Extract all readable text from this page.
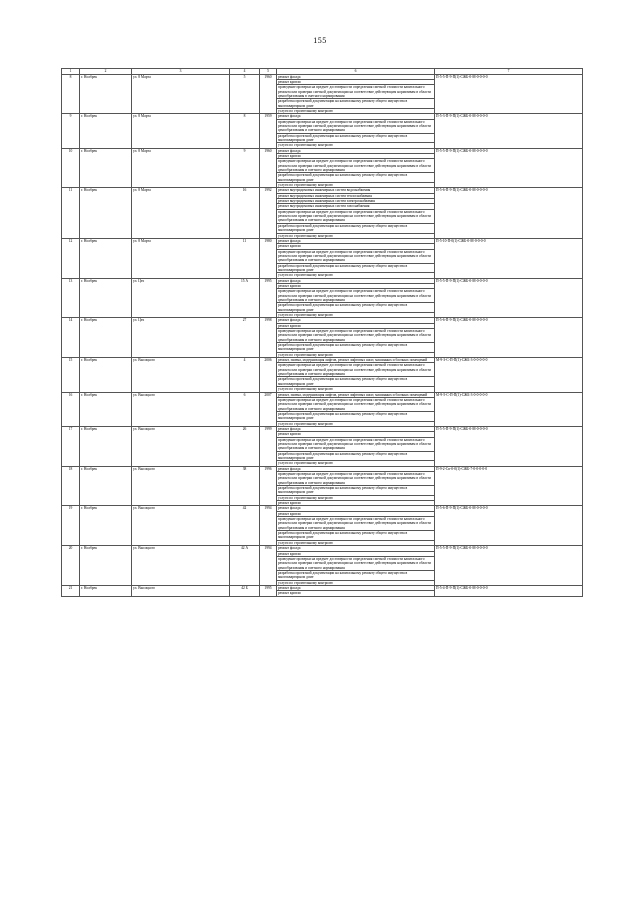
155
1	2	3	4	5	6	7
8	г. Нолбрек	ул. 8 Марта	5	1960	ремонт фасада	П-5-5-П-9-П(1)-СЖБ-0-М-0-0-0-0
					ремонт кровли	
					проведение проверки на предмет достоверности определения сметной стоимости капитального ремонта или проверки сметной документации на соответствие действующим нормативам в области ценообразования в сметного нормирования	
					разработка проектной документации на капитальному ремонту общего имущества в многоквартирном доме	
					услуги по строительному контролю	
9	г. Нолбрек	ул. 8 Марта	8	1959	ремонт фасада	П-5-3-П-9-П(1)-СЖБ-0-М-0-0-0-0
					проведение проверки на предмет достоверности определения сметной стоимости капитального ремонта или проверки сметной документации на соответствие действующим нормативам в области ценообразования и сметного нормирования	
					разработка проектной документации на капитальному ремонту общего имущества в многоквартирном доме	
					услуги по строительному контролю	
10	г. Нолбрек	ул. 8 Марта	9	1960	ремонт фасада	П-5-5-П-9-П(1)-СЖБ-0-М-0-0-0-0
					ремонт кровли	
					проведение проверки на предмет достоверности определения сметной стоимости капитального ремонта или проверки сметной документации на соответствие действующим нормативам в области ценообразования и сметного нормирования	
					разработка проектной документации на капитальному ремонту общего имущества в многоквартирном доме	
					услуги по строительному контролю	
11	г. Нолбрек	ул. 8 Марта	16	1992	ремонт внутридомовых инженерных систем водоснабжения	П-5-6-П-9-П(1)-СЖБ-0-М-0-0-0-0
					ремонт внутридомовых инженерных систем теплоснабжения	
					ремонт внутридомовых инженерных систем электроснабжения	
					ремонт внутридомовых инженерных систем газоснабжения	
					проведение проверки на предмет достоверности определения сметной стоимости капитального ремонта или проверки сметной документации на соответствие действующим нормативам в области ценообразования и сметного нормирования	
					разработка проектной документации на капитальному ремонту общего имущества в многоквартирном доме	
					услуги по строительному контролю	
12	г. Нолбрек	ул. 8 Марта	11	1980	ремонт фасада	П-5-10-П-0(1)-СЖБ-0-М-0-0-0-0
					ремонт кровли	
					проведение проверки на предмет достоверности определения сметной стоимости капитального ремонта или проверки сметной документации на соответствие действующим нормативам в области ценообразования и сметного нормирования	
					разработка проектной документации на капитальному ремонту общего имущества в многоквартирном доме	
					услуги по строительному контролю	
13	г. Нолбрек	ул. Цех	15 А	1995	ремонт фасада	П-5-5-П-9-П(1)-СЖБ-0-М-0-0-0-0
					ремонт кровли	
					проведение проверки на предмет достоверности определения сметной стоимости капитального ремонта или проверки сметной документации на соответствие действующим нормативам в области ценообразования и сметного нормирования	
					разработка проектной документации на капитальному ремонту общего имущества в многоквартирном доме	
					услуги по строительному контролю	
14	г. Нолбрек	ул. Цех	27	1998	ремонт фасада	П-5-6-П-9-П(1)-СЖБ-0-М-0-0-0-0
					ремонт кровли	
					проведение проверки на предмет достоверности определения сметной стоимости капитального ремонта или проверки сметной документации на соответствие действующим нормативам в области ценообразования и сметного нормирования	
					разработка проектной документации на капитальному ремонту общего имущества в многоквартирном доме	
					услуги по строительному контролю	
15	г. Нолбрек	ул. Высоцкого	4	2006	ремонт, замена, модернизация лифтов, ремонт лифтовых шахт, машинных и блочных помещений	М-9-3-С-П-П(1)-СЖБ-3-0-0-0-0-0
					проведение проверки на предмет достоверности определения сметной стоимости капитального ремонта или проверки сметной документации на соответствие действующим нормативам в области ценообразования и сметного нормирования	
					разработка проектной документации на капитальному ремонту общего имущества в многоквартирном доме	
					услуги по строительному контролю	
16	г. Нолбрек	ул. Высоцкого	6	2007	ремонт, замена, модернизация лифтов, ремонт лифтовых шахт, машинных и блочных помещений	М-9-5-С-П-П(1)-СЖБ-3-0-0-0-0-0
					проведение проверки на предмет достоверности определения сметной стоимости капитального ремонта или проверки сметной документации на соответствие действующим нормативам в области ценообразования и сметного нормирования	
					разработка проектной документации на капитальному ремонту общего имущества в многоквартирном доме	
					услуги по строительному контролю	
17	г. Нолбрек	ул. Высоцкого	26	1999	ремонт фасада	П-5-5-П-9-П(1)-СЖБ-0-М-0-0-0-0
					ремонт кровли	
					проведение проверки на предмет достоверности определения сметной стоимости капитального ремонта или проверки сметной документации на соответствие действующим нормативам в области ценообразования и сметного нормирования	
					разработка проектной документации на капитальному ремонту общего имущества в многоквартирном доме	
					услуги по строительному контролю	
18	г. Нолбрек	ул. Высоцкого	38	1996	ремонт фасада	П-9-2-Сп-0-0(1)-СЖБ-7-0-0-0-0-0
					проведение проверки на предмет достоверности определения сметной стоимости капитального ремонта или проверки сметной документации на соответствие действующим нормативам в области ценообразования и сметного нормирования	
					разработка проектной документации на капитальному ремонту общего имущества в многоквартирном доме	
					услуги по строительному контролю	
					ремонт кровли	
19	г. Нолбрек	ул. Высоцкого	42	1994	ремонт фасада	П-5-6-П-9-П(1)-СЖБ-0-М-0-0-0-0
					ремонт кровли	
					проведение проверки на предмет достоверности определения сметной стоимости капитального ремонта или проверки сметной документации на соответствие действующим нормативам в области ценообразования и сметного нормирования	
					разработка проектной документации на капитальному ремонту общего имущества в многоквартирном доме	
					услуги по строительному контролю	
20	г. Нолбрек	ул. Высоцкого	42 А	1994	ремонт фасада	П-5-5-П-9-П(1)-СЖБ-0-М-0-0-0-0
					ремонт кровли	
					проведение проверки на предмет достоверности определения сметной стоимости капитального ремонта или проверки сметной документации на соответствие действующим нормативам в области ценообразования и сметного нормирования	
					разработка проектной документации на капитальному ремонту общего имущества в многоквартирном доме	
					услуги по строительному контролю	
21	г. Нолбрек	ул. Высоцкого	42 Б	1995	ремонт фасада	П-5-4-П-9-П(1)-СЖБ-0-М-0-0-0-0
					ремонт кровли	
